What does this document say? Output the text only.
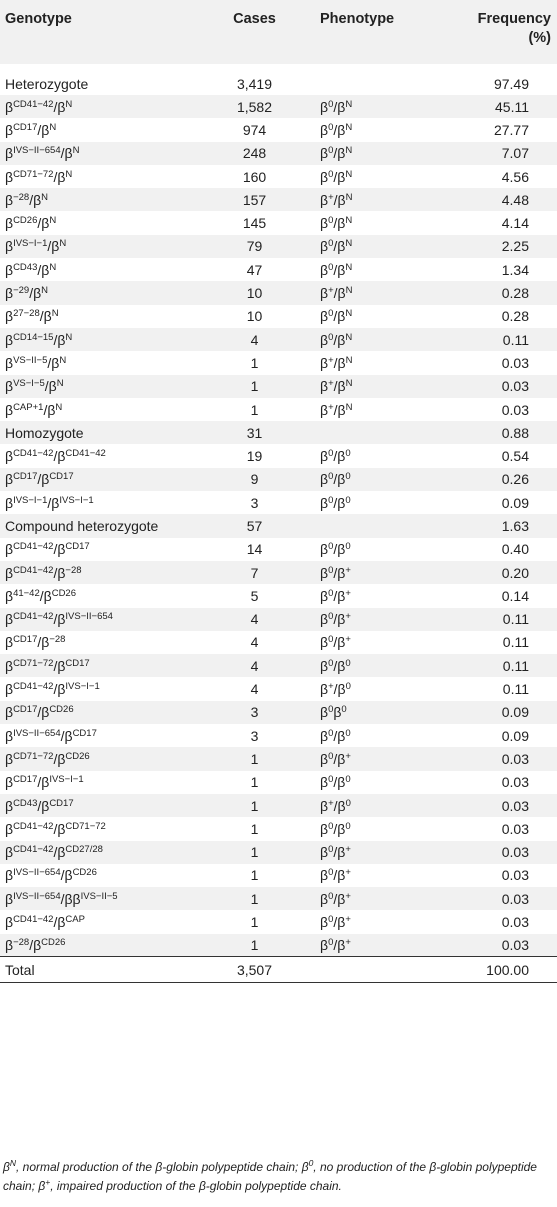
Genotype	Cases	Phenotype	Frequency
(%)

Heterozygote	3,419		97.49
$\beta^{CD41-42}/\beta^N$	1,582	$\beta^0/\beta^N$	45.11
$\beta^{CD17}/\beta^N$	974	$\beta^0/\beta^N$	27.77
$\beta^{IVS-II-654}/\beta^N$	248	$\beta^0/\beta^N$	7.07
$\beta^{CD71-72}/\beta^N$	160	$\beta^0/\beta^N$	4.56
$\beta^{-28}/\beta^N$	157	$\beta^+/\beta^N$	4.48
$\beta^{CD26}/\beta^N$	145	$\beta^0/\beta^N$	4.14
$\beta^{IVS-I-1}/\beta^N$	79	$\beta^0/\beta^N$	2.25
$\beta^{CD43}/\beta^N$	47	$\beta^0/\beta^N$	1.34
$\beta^{-29}/\beta^N$	10	$\beta^+/\beta^N$	0.28
$\beta^{27-28}/\beta^N$	10	$\beta^0/\beta^N$	0.28
$\beta^{CD14-15}/\beta^N$	4	$\beta^0/\beta^N$	0.11
$\beta^{VS-II-5}/\beta^N$	1	$\beta^+/\beta^N$	0.03
$\beta^{VS-I-5}/\beta^N$	1	$\beta^+/\beta^N$	0.03
$\beta^{CAP+1}/\beta^N$	1	$\beta^+/\beta^N$	0.03
Homozygote	31		0.88
$\beta^{CD41-42}/\beta^{CD41-42}$	19	$\beta^0/\beta^0$	0.54
$\beta^{CD17}/\beta^{CD17}$	9	$\beta^0/\beta^0$	0.26
$\beta^{IVS-I-1}/\beta^{IVS-I-1}$	3	$\beta^0/\beta^0$	0.09
Compound heterozygote	57		1.63
$\beta^{CD41-42}/\beta^{CD17}$	14	$\beta^0/\beta^0$	0.40
$\beta^{CD41-42}/\beta^{-28}$	7	$\beta^0/\beta^+$	0.20
$\beta^{41-42}/\beta^{CD26}$	5	$\beta^0/\beta^+$	0.14
$\beta^{CD41-42}/\beta^{IVS-II-654}$	4	$\beta^0/\beta^+$	0.11
$\beta^{CD17}/\beta^{-28}$	4	$\beta^0/\beta^+$	0.11
$\beta^{CD71-72}/\beta^{CD17}$	4	$\beta^0/\beta^0$	0.11
$\beta^{CD41-42}/\beta^{IVS-I-1}$	4	$\beta^+/\beta^0$	0.11
$\beta^{CD17}/\beta^{CD26}$	3	$\beta^0\beta^0$	0.09
$\beta^{IVS-II-654}/\beta^{CD17}$	3	$\beta^0/\beta^0$	0.09
$\beta^{CD71-72}/\beta^{CD26}$	1	$\beta^0/\beta^+$	0.03
$\beta^{CD17}/\beta^{IVS-I-1}$	1	$\beta^0/\beta^0$	0.03
$\beta^{CD43}/\beta^{CD17}$	1	$\beta^+/\beta^0$	0.03
$\beta^{CD41-42}/\beta^{CD71-72}$	1	$\beta^0/\beta^0$	0.03
$\beta^{CD41-42}/\beta^{CD27/28}$	1	$\beta^0/\beta^+$	0.03
$\beta^{IVS-II-654}/\beta^{CD26}$	1	$\beta^0/\beta^+$	0.03
$\beta^{IVS-II-654}/\beta\beta^{IVS-II-5}$	1	$\beta^0/\beta^+$	0.03
$\beta^{CD41-42}/\beta^{CAP}$	1	$\beta^0/\beta^+$	0.03
$\beta^{-28}/\beta^{CD26}$	1	$\beta^0/\beta^+$	0.03
Total	3,507		100.00
$\beta^N$, normal production of the β-globin polypeptide chain; $\beta^0$, no production of the β-globin polypeptide chain; β+, impaired production of the β-globin polypeptide chain.
